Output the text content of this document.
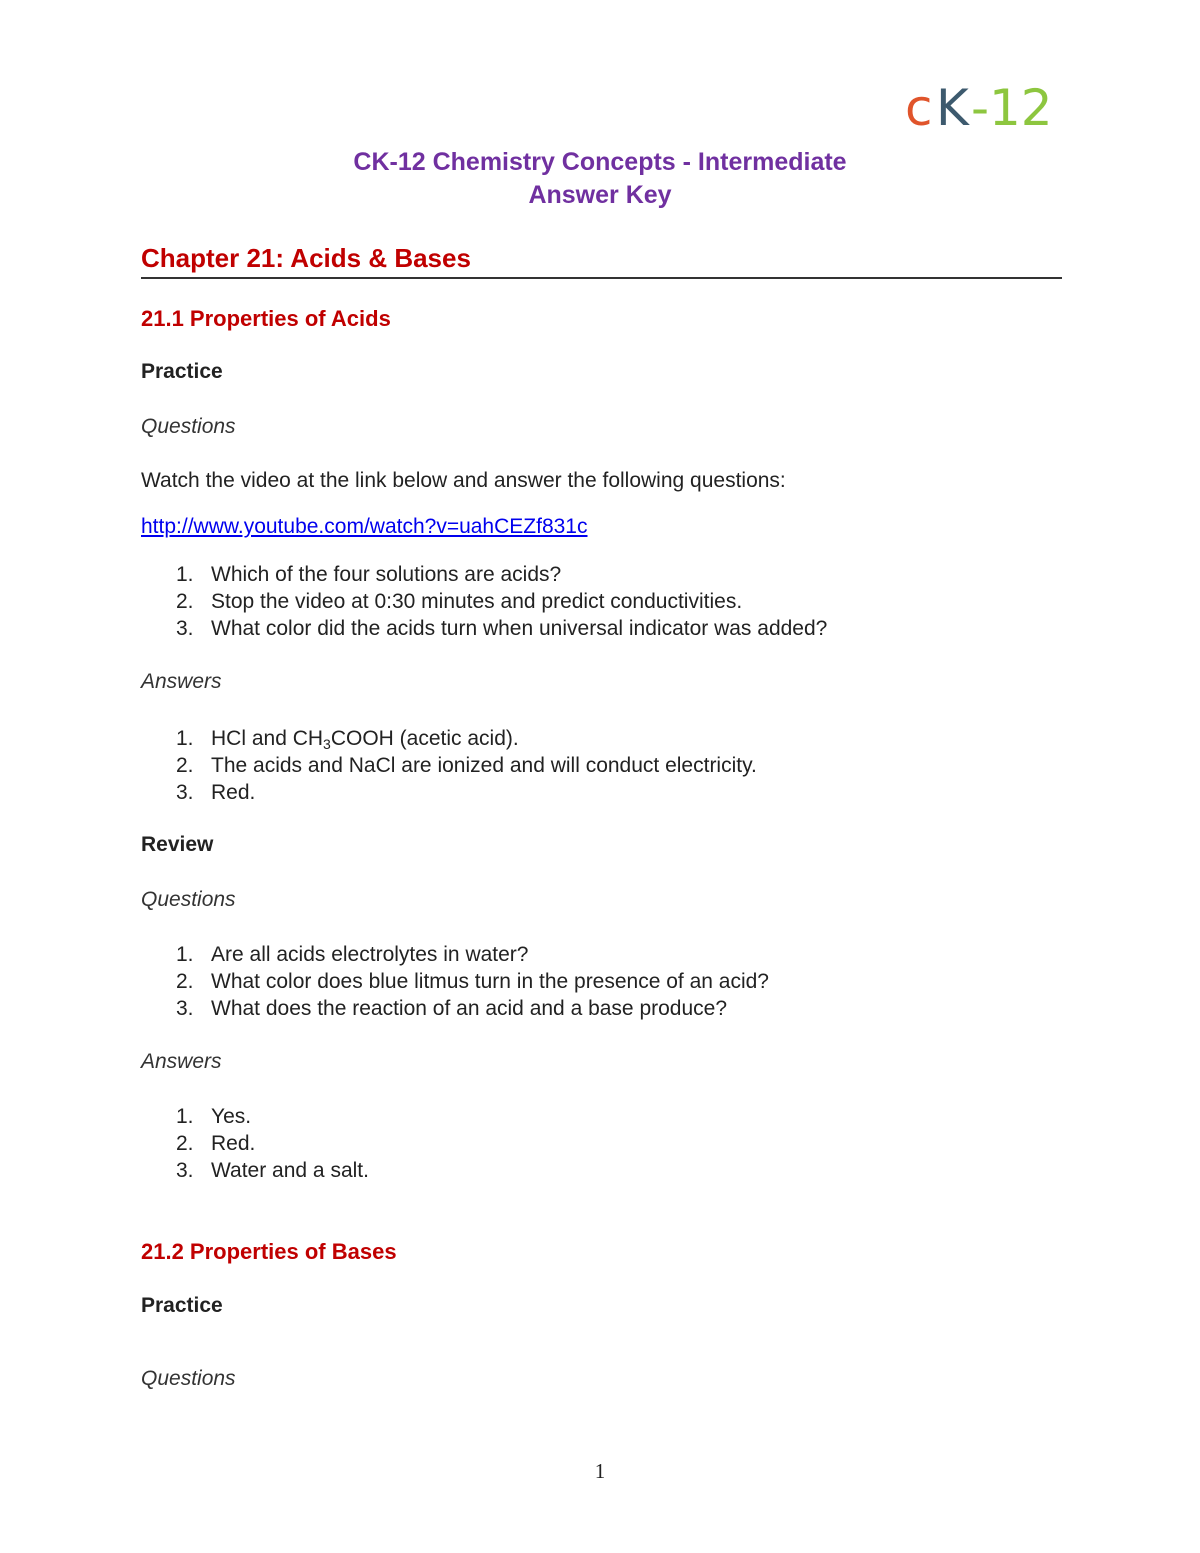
c K - 12
CK-12 Chemistry Concepts - Intermediate
Answer Key
Chapter 21: Acids & Bases
21.1 Properties of Acids
Practice

Questions

Watch the video at the link below and answer the following questions:

http://www.youtube.com/watch?v=uahCEZf831c
1. Which of the four solutions are acids?
2. Stop the video at 0:30 minutes and predict conductivities.
3. What color did the acids turn when universal indicator was added?

Answers

1. HCl and $CH_3COOH$ (acetic acid).
2. The acids and NaCl are ionized and will conduct electricity.
3. Red.
Review

Questions

1. Are all acids electrolytes in water?
2. What color does blue litmus turn in the presence of an acid?
3. What does the reaction of an acid and a base produce?

Answers

1. Yes.
2. Red.
3. Water and a salt.
21.2 Properties of Bases
Practice

Questions

1
